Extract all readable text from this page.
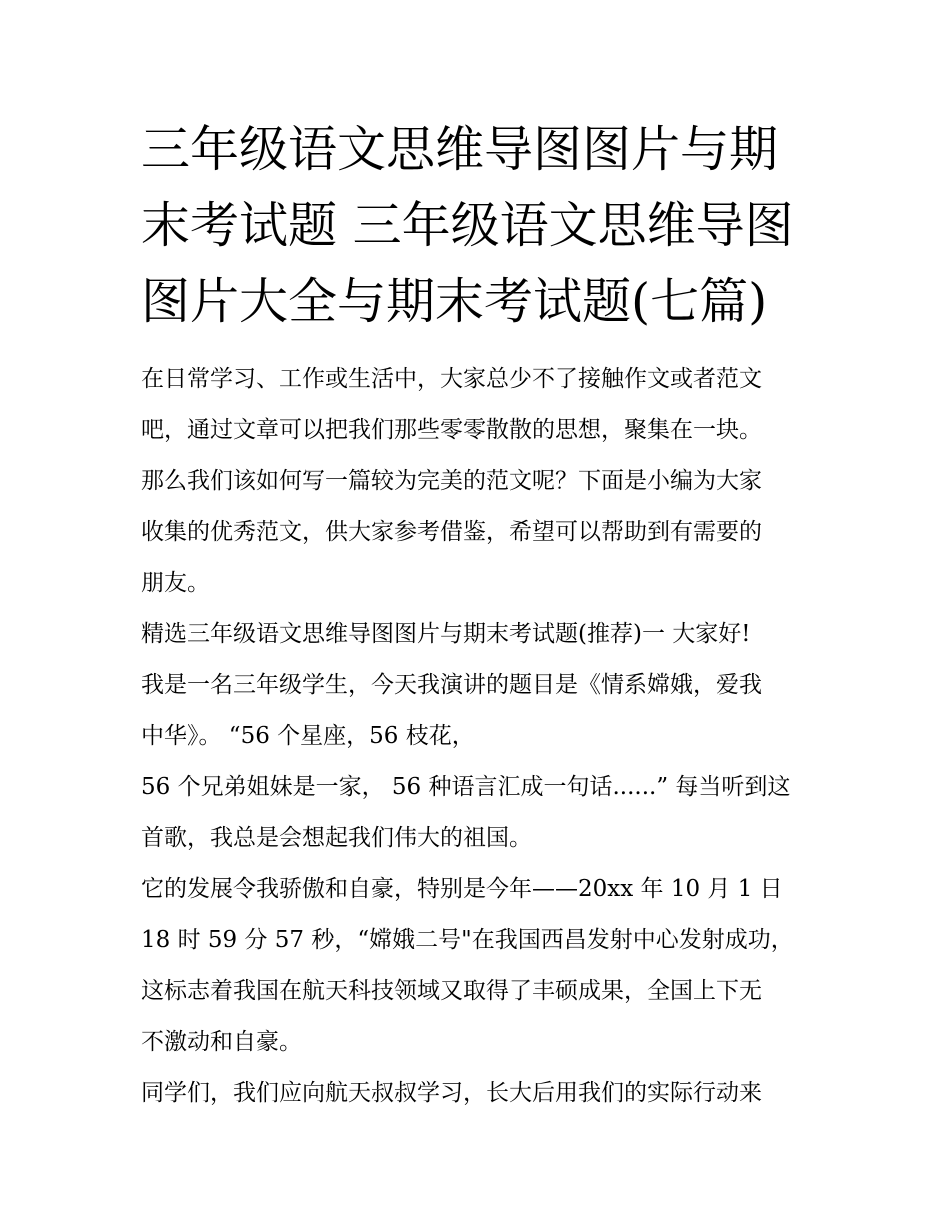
三年级语文思维导图图片与期
末考试题 三年级语文思维导图
图片大全与期末考试题(七篇)
在日常学习、工作或生活中，大家总少不了接触作文或者范文
吧，通过文章可以把我们那些零零散散的思想，聚集在一块。
那么我们该如何写一篇较为完美的范文呢？下面是小编为大家
收集的优秀范文，供大家参考借鉴，希望可以帮助到有需要的
朋友。
精选三年级语文思维导图图片与期末考试题(推荐)一 大家好!
我是一名三年级学生，今天我演讲的题目是《情系嫦娥，爱我
中华》。 “56 个星座，56 枝花，
56 个兄弟姐妹是一家， 56 种语言汇成一句话......” 每当听到这
首歌，我总是会想起我们伟大的祖国。
它的发展令我骄傲和自豪，特别是今年——20xx 年 10 月 1 日
18 时 59 分 57 秒，“嫦娥二号"在我国西昌发射中心发射成功，
这标志着我国在航天科技领域又取得了丰硕成果，全国上下无
不激动和自豪。
同学们，我们应向航天叔叔学习，长大后用我们的实际行动来
